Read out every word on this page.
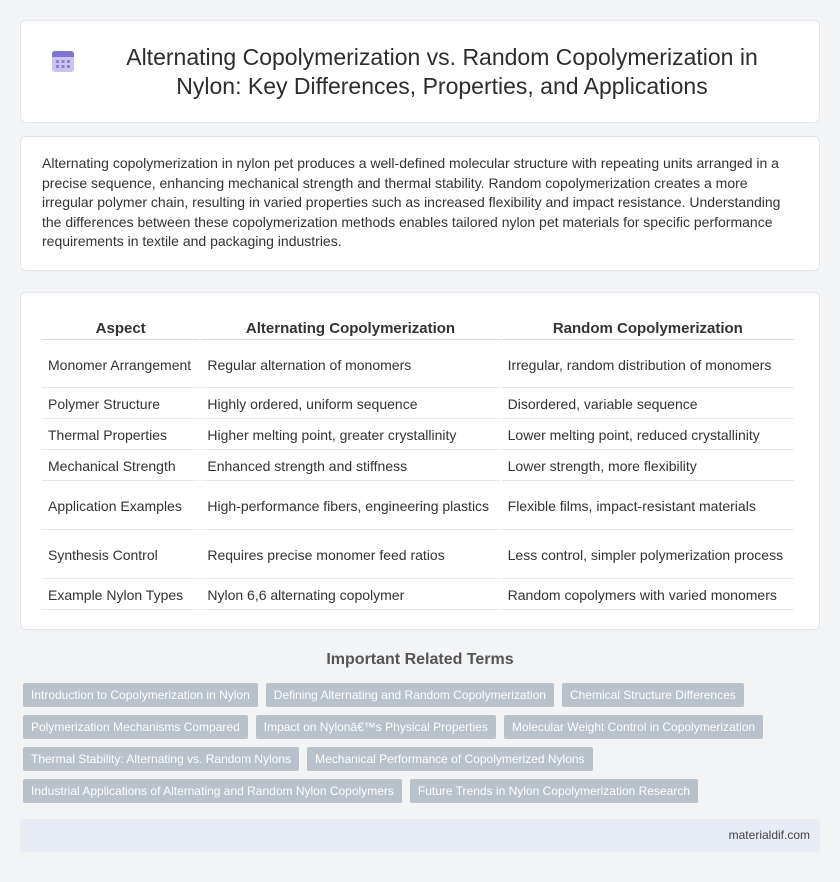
Alternating Copolymerization vs. Random Copolymerization in Nylon: Key Differences, Properties, and Applications

Alternating copolymerization in nylon pet produces a well-defined molecular structure with repeating units arranged in a precise sequence, enhancing mechanical strength and thermal stability. Random copolymerization creates a more irregular polymer chain, resulting in varied properties such as increased flexibility and impact resistance. Understanding the differences between these copolymerization methods enables tailored nylon pet materials for specific performance requirements in textile and packaging industries.

Aspect	Alternating Copolymerization	Random Copolymerization
Monomer Arrangement	Regular alternation of monomers	Irregular, random distribution of monomers
Polymer Structure	Highly ordered, uniform sequence	Disordered, variable sequence
Thermal Properties	Higher melting point, greater crystallinity	Lower melting point, reduced crystallinity
Mechanical Strength	Enhanced strength and stiffness	Lower strength, more flexibility
Application Examples	High-performance fibers, engineering plastics	Flexible films, impact-resistant materials
Synthesis Control	Requires precise monomer feed ratios	Less control, simpler polymerization process
Example Nylon Types	Nylon 6,6 alternating copolymer	Random copolymers with varied monomers
Important Related Terms
Introduction to Copolymerization in Nylon	Defining Alternating and Random Copolymerization	Chemical Structure Differences
Polymerization Mechanisms Compared	Impact on Nylonâ€™s Physical Properties	Molecular Weight Control in Copolymerization
Thermal Stability: Alternating vs. Random Nylons	Mechanical Performance of Copolymerized Nylons
Industrial Applications of Alternating and Random Nylon Copolymers	Future Trends in Nylon Copolymerization Research
materialdif.com
